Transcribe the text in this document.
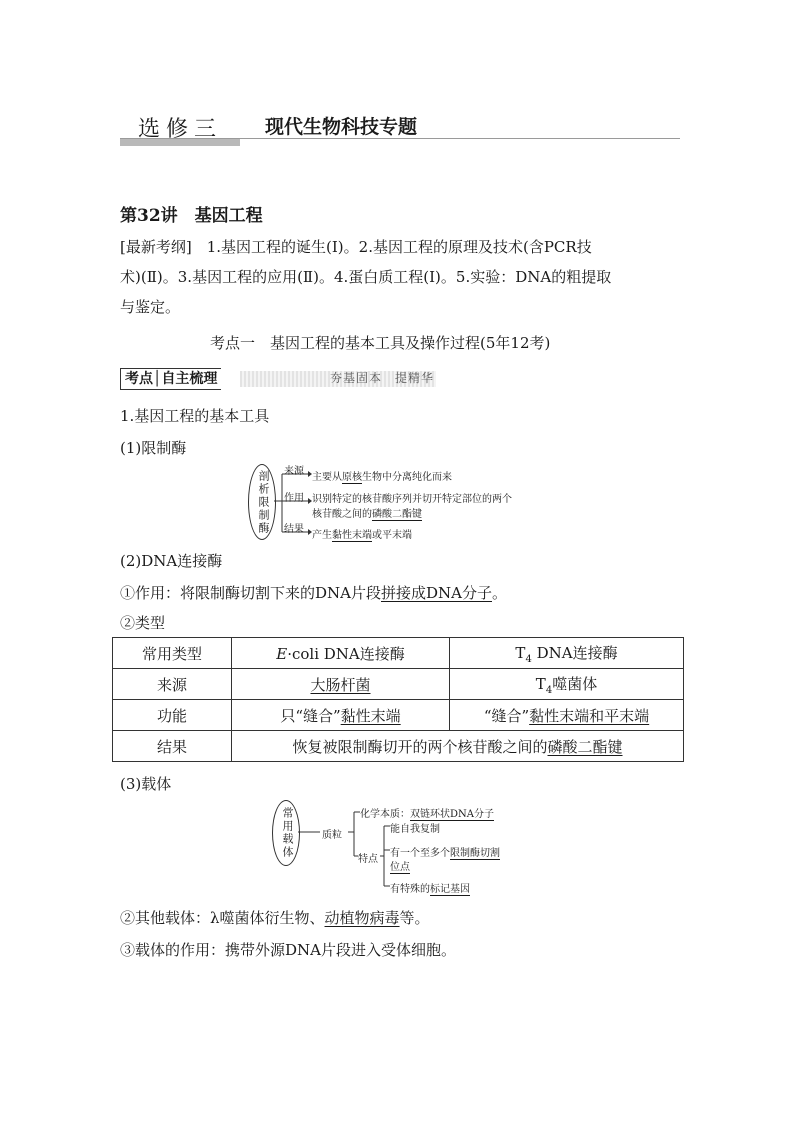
选修三 现代生物科技专题
第32讲　基因工程
[最新考纲]　1.基因工程的诞生(Ⅰ)。2.基因工程的原理及技术(含PCR技
术)(Ⅱ)。3.基因工程的应用(Ⅱ)。4.蛋白质工程(Ⅰ)。5.实验：DNA的粗提取
与鉴定。
考点一　基因工程的基本工具及操作过程(5年12考)
考点│自主梳理	夯基固本　提精华
1.基因工程的基本工具
(1)限制酶
剖析限制酶 来源
作用
结果
主要从原核生物中分离纯化而来
识别特定的核苷酸序列并切开特定部位的两个
核苷酸之间的磷酸二酯键
产生黏性末端或平末端
(2)DNA连接酶
①作用：将限制酶切割下来的DNA片段拼接成DNA分子。
②类型
常用类型	E·coli DNA连接酶	$T_4$ DNA连接酶
来源	大肠杆菌	$T_4$噬菌体
功能	只“缝合”黏性末端	“缝合”黏性末端和平末端
结果	恢复被限制酶切开的两个核苷酸之间的磷酸二酯键	
(3)载体
常用载体	质粒
化学本质：双链环状DNA分子
特点
能自我复制
有一个至多个限制酶切割
位点
有特殊的标记基因
②其他载体：λ噬菌体衍生物、动植物病毒等。
③载体的作用：携带外源DNA片段进入受体细胞。
